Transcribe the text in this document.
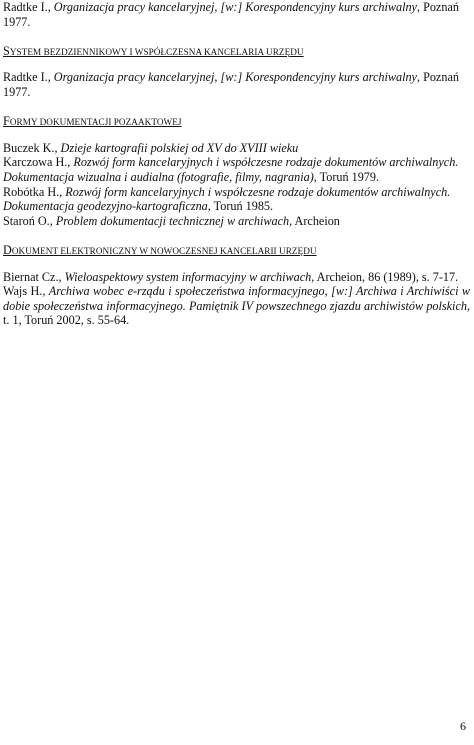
Radtke I., Organizacja pracy kancelaryjnej, [w:] Korespondencyjny kurs archiwalny, Poznań 1977.

SYSTEM BEZDZIENNIKOWY I WSPÓŁCZESNA KANCELARIA URZĘDU

Radtke I., Organizacja pracy kancelaryjnej, [w:] Korespondencyjny kurs archiwalny, Poznań 1977.

FORMY DOKUMENTACJI POZAAKTOWEJ

Buczek K., Dzieje kartografii polskiej od XV do XVIII wieku

Karczowa H., Rozwój form kancelaryjnych i współczesne rodzaje dokumentów archiwalnych. Dokumentacja wizualna i audialna (fotografie, filmy, nagrania), Toruń 1979.

Robótka H., Rozwój form kancelaryjnych i współczesne rodzaje dokumentów archiwalnych. Dokumentacja geodezyjno-kartograficzna, Toruń 1985.

Staroń O., Problem dokumentacji technicznej w archiwach, Archeion

DOKUMENT ELEKTRONICZNY W NOWOCZESNEJ KANCELARII URZĘDU

Biernat Cz., Wieloaspektowy system informacyjny w archiwach, Archeion, 86 (1989), s. 7-17.

Wajs H., Archiwa wobec e-rządu i społeczeństwa informacyjnego, [w:] Archiwa i Archiwiści w dobie społeczeństwa informacyjnego. Pamiętnik IV powszechnego zjazdu archiwistów polskich, t. 1, Toruń 2002, s. 55-64.

6
